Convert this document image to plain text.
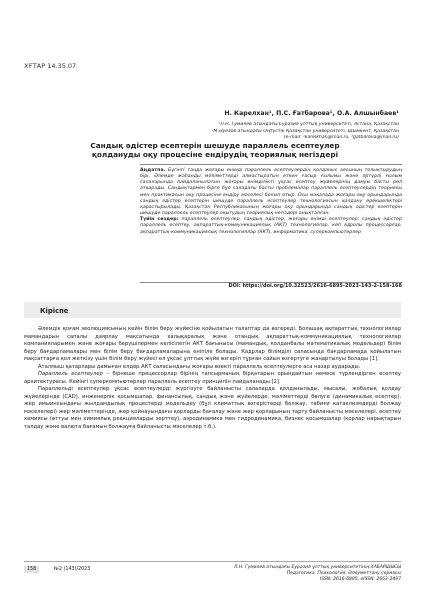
ХҒТАР 14.35.07
Н. Карелхан¹, П.С. Ғатбарова¹, О.А. Алшынбаев¹
¹Л.Н. Гумилев атындағы Еуразия ұлттық университеті, Астана, Қазақстан
²М.Әуезов атындағы Оңтүстік Қазақстан университеті, Шымкент, Қазақстан
(e-mail: ²karelkhan@mail.ru, ³gatbarova@mail.ru)
Сандық әдістер есептерін шешуде параллель есептеулер қолдануды оқу процесіне ендірудің теориялық негіздері

Аңдатпа. Бүгінгі таңда жоғары өнімді параллель есептеулердің қолданыс аясының толықтырудың бірі. Әлемде жаһанды мәліметтерді алмастыратын өткен ғасыр ғылымы және әртүрлі ғылым салаларында пайдаланылатын жоғары өнімділікті ұқсас есептеу жүйелерінің дамуы басты рөл атқарады. Сандықтармен бірге бұл саладағы басты проблемалар параллель есептеулердің теориясы мен практикасын оқу процесіне ендіру мәселесі болып отыр. Осы мақалада жоғары оқу орындарында сандық әдістер есептерін шешуде параллель есептеулер технологиясын қолдану ерекшеліктері қарастырылады. Қазақстан Республикасының жоғары оқу орындарында сандық әдістер есептерін шешуде параллель есептеулер оқытудың теориялық негіздері анықталған.

Түйін сөздер: параллель есептеулер, сандық әдістер, жоғары өнімді есептеулер, сандық әдістер параллель есептеу, ақпараттық-коммуникациялық (АКТ) технологиялар, көп ядролы процессорлар, ақпараттық-коммуникациялық технологиялар (АКТ), информатика, суперкомпьютерлер

DOI: https://doi.org/10.32523/2616-6895-2023-143-2-158-168
Кіріспе

Әлемдік қоғам эволюциясының кейін білім беру жүйесіне қойылатын талаптар да өзгереді. Болашақ ақпараттық технологиялар мамандарын сапалы даярлау мақсатында халықаралық және отандық ақпараттық-коммуникациялық технологиялар компанияларымен және жоғары берушілермен келісілетін АКТ бағынысы (мамандық, колданбалы математикалық модельдер) білім беру бағдарламалары мен білім беру бағдарламаларына еніпіле болады. Кадрлар білімділі саласында бағдарламада қойылатын мақсаттарға қол жеткізу үшін білім беру жүйесі ел ұқсас ұлттық жүйе өзгеріп тұрған сайын өзгертуге жаңартылуы болады [1].

Аталмыш қатарлары дамыған елдер АКТ саласындағы жоғары өзекті параллель есептеулерге аса назар аударады.

Параллель есептеулер – бірнеше процессорлар бірінің тапсырманың бірқатарын орындайтын немесе түрлендірген есептеу архитектурасы. Кейінгі суперкомпьютерлер параллель есептеу принципін пайдаланады [2].

Параллельді есептеулер ұқсас есептеулерді жүргізуге байланысты салаларда қолданылады, мысалы, жобалық қолдау жүйелерінде (САD), инженерлік қосымшалар, финансылық, сандық және жүйелерде, мәліметтерді бөлуге (динамикалық есептер), жер имыинсындағы жылдамдылық процестерді модельдеу (бұл климаттық өзгерістерді болжау, табиғи катаклизмдерді болжау мәселелері) жер мәліметтерінде, жер қойнауындағы қорларды бағалау және жер қорларының тарту байланысты мәселелері, есептеу хемиясы (өттуы мен химиялық реакцияларды зерттеу), аэродинамика мен гидродинамика, бизнес қосымшалар (қорлар нарықтарын талдау және валюта бағамын болжауға байланысты мәселелер т.б.).

158	№2 (143)/2023	Л.Н. Гумилев атындағы Еуразия ұлттық университетінің ХАБАРШЫСЫ
Педагогика. Психология. Әлеуметтану сериясы
ISSN: 2616-6895, eISSN: 2663-2497
